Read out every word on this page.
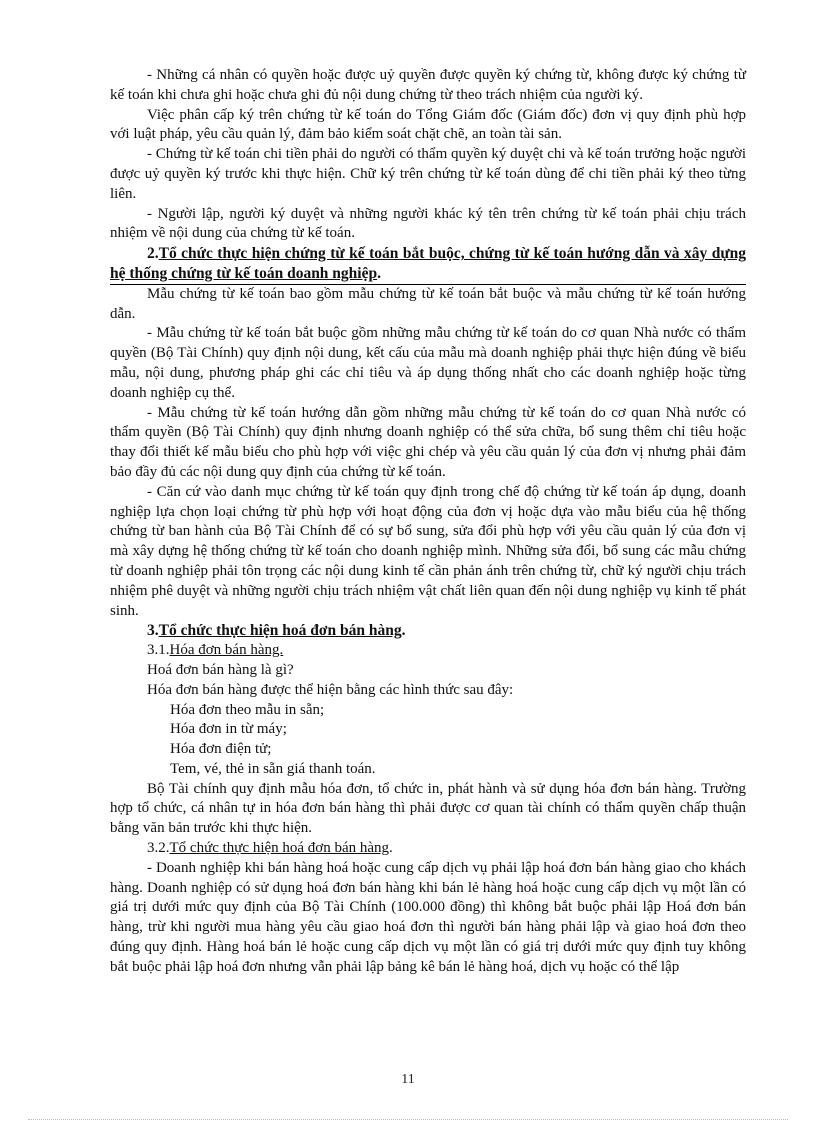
- Những cá nhân có quyền hoặc được uỷ quyền được quyền ký chứng từ, không được ký chứng từ kế toán khi chưa ghi hoặc chưa ghi đủ nội dung chứng từ theo trách nhiệm của người ký.

Việc phân cấp ký trên chứng từ kế toán do Tổng Giám đốc (Giám đốc) đơn vị quy định phù hợp với luật pháp, yêu cầu quản lý, đảm bảo kiểm soát chặt chẽ, an toàn tài sản.

- Chứng từ kế toán chi tiền phải do người có thẩm quyền ký duyệt chi và kế toán trưởng hoặc người được uỷ quyền ký trước khi thực hiện. Chữ ký trên chứng từ kế toán dùng để chi tiền phải ký theo từng liên.

- Người lập, người ký duyệt và những người khác ký tên trên chứng từ kế toán phải chịu trách nhiệm về nội dung của chứng từ kế toán.

2.Tổ chức thực hiện chứng từ kế toán bắt buộc, chứng từ kế toán hướng dẫn và xây dựng hệ thống chứng từ kế toán doanh nghiệp.

Mẫu chứng từ kế toán bao gồm mẫu chứng từ kế toán bắt buộc và mẫu chứng từ kế toán hướng dẫn.

- Mẫu chứng từ kế toán bắt buộc gồm những mẫu chứng từ kế toán do cơ quan Nhà nước có thẩm quyền (Bộ Tài Chính) quy định nội dung, kết cấu của mẫu mà doanh nghiệp phải thực hiện đúng về biểu mẫu, nội dung, phương pháp ghi các chỉ tiêu và áp dụng thống nhất cho các doanh nghiệp hoặc từng doanh nghiệp cụ thể.

- Mẫu chứng từ kế toán hướng dẫn gồm những mẫu chứng từ kế toán do cơ quan Nhà nước có thẩm quyền (Bộ Tài Chính) quy định nhưng doanh nghiệp có thể sửa chữa, bổ sung thêm chỉ tiêu hoặc thay đổi thiết kế mẫu biểu cho phù hợp với việc ghi chép và yêu cầu quản lý của đơn vị nhưng phải đảm bảo đầy đủ các nội dung quy định của chứng từ kế toán.

- Căn cứ vào danh mục chứng từ kế toán quy định trong chế độ chứng từ kế toán áp dụng, doanh nghiệp lựa chọn loại chứng từ phù hợp với hoạt động của đơn vị hoặc dựa vào mẫu biểu của hệ thống chứng từ ban hành của Bộ Tài Chính để có sự bổ sung, sửa đổi phù hợp với yêu cầu quản lý của đơn vị mà xây dựng hệ thống chứng từ kế toán cho doanh nghiệp mình. Những sửa đổi, bổ sung các mẫu chứng từ doanh nghiệp phải tôn trọng các nội dung kinh tế cần phản ánh trên chứng từ, chữ ký người chịu trách nhiệm phê duyệt và những người chịu trách nhiệm vật chất liên quan đến nội dung nghiệp vụ kinh tế phát sinh.

3.Tổ chức thực hiện hoá đơn bán hàng.

3.1.Hóa đơn bán hàng.

Hoá đơn bán hàng là gì?

Hóa đơn bán hàng được thể hiện bằng các hình thức sau đây:

Hóa đơn theo mẫu in sẵn;

Hóa đơn in từ máy;

Hóa đơn điện tử;

Tem, vé, thẻ in sẵn giá thanh toán.

Bộ Tài chính quy định mẫu hóa đơn, tổ chức in, phát hành và sử dụng hóa đơn bán hàng. Trường hợp tổ chức, cá nhân tự in hóa đơn bán hàng thì phải được cơ quan tài chính có thẩm quyền chấp thuận bằng văn bản trước khi thực hiện.

3.2.Tổ chức thực hiện hoá đơn bán hàng.

- Doanh nghiệp khi bán hàng hoá hoặc cung cấp dịch vụ phải lập hoá đơn bán hàng giao cho khách hàng. Doanh nghiệp có sử dụng hoá đơn bán hàng khi bán lẻ hàng hoá hoặc cung cấp dịch vụ một lần có giá trị dưới mức quy định của Bộ Tài Chính (100.000 đồng) thì không bắt buộc phải lập Hoá đơn bán hàng, trừ khi người mua hàng yêu cầu giao hoá đơn thì người bán hàng phải lập và giao hoá đơn theo đúng quy định. Hàng hoá bán lẻ hoặc cung cấp dịch vụ một lần có giá trị dưới mức quy định tuy không bắt buộc phải lập hoá đơn nhưng vẫn phải lập bảng kê bán lẻ hàng hoá, dịch vụ hoặc có thể lập

11
